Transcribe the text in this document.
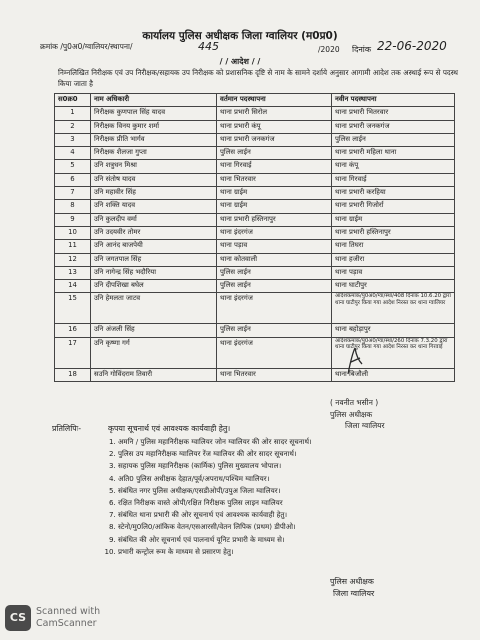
कार्यालय पुलिस अधीक्षक जिला ग्वालियर (म0प्र0)
क्रमांक /पु0अ0/ग्वालियर/स्थापना/	445	/2020 दिनांक 22-06-2020
/ / आदेश / /
निम्नलिखित निरीक्षक एवं उप निरीक्षक/सहायक उप निरीक्षक को प्रशासनिक दृष्टि से नाम के सामने दर्शाये अनुसार आगामी आदेश तक अस्थाई रूप से पदस्थ किया जाता है
स0क्र0	नाम अधिकारी	वर्तमान पदस्थापना	नवीन पदस्थापना
1	निरीक्षक कुणपाल सिंह यादव	थाना प्रभारी सिरोल	थाना प्रभारी भितरवार
2	निरीक्षक विनय कुमार शर्मा	थाना प्रभारी कंपू	थाना प्रभारी जनकगंज
3	निरीक्षक प्रीति भार्गव	थाना प्रभारी जनकगंज	पुलिस लाईन
4	निरीक्षक शैलजा गुप्ता	पुलिस लाईन	थाना प्रभारी महिला थाना
5	उनि शत्रुधन मिश्रा	थाना गिरवाई	थाना कंपू
6	उनि संतोष यादव	थाना भितरवार	थाना गिरवाई
7	उनि महावीर सिंह	थाना ग्राईम	थाना प्रभारी करहिया
8	उनि शक्ति यादव	थाना ग्राईम	थाना प्रभारी गिजोर्रा
9	उनि कुलदीप वर्मा	थाना प्रभारी हस्तिनापुर	थाना ग्राईम
10	उनि उदयवीर तोमर	थाना इंदरगंज	थाना प्रभारी हस्तिनापुर
11	उनि आनंद बाजपेयी	थाना पड़ाव	थाना तिघरा
12	उनि जगतपाल सिंह	थाना कोतवाली	थाना हजीरा
13	उनि नागेन्द्र सिंह भदौरिया	पुलिस लाईन	थाना पड़ाव
14	उनि दीपशिखा बघेल	पुलिस लाईन	थाना घाटीपुर
15	उनि हेमलता जाटव	थाना इंदरगंज	आदेशकमांक/पु0अ0/ग्वा/स्था/408 दिनांक 10.6.20 द्वारा थाना घाटीपुर किया गया आदेश निरस्त कर थाना ग्वालियर
16	उनि अंजली सिंह	पुलिस लाईन	थाना बहोड़ापुर
17	उनि कृष्णा गर्ग	थाना इंदरगंज	आदेशकमांक/पु0अ0/ग्वा/स्था/260 दिनांक 7.3.20 द्वारा थाना घाटीपुर किया गया आदेश निरस्त कर थाना गिरवाई
18	सउनि गोविंदराम तिवारी	थाना भितरवार	थाना बिजौली
( नवनीत भसीन )
पुलिस अधीक्षक
जिला ग्वालियर
प्रतिलिपिः-	कृपया सूचनार्थ एवं आवश्यक कार्यवाही हेतु।
1. अमनि / पुलिस महानिरीक्षक ग्वालियर जोन ग्वालियर की ओर सादर सूचनार्थ।
2. पुलिस उप महानिरीक्षक ग्वालियर रेंज ग्वालियर की ओर सादर सूचनार्थ।
3. सहायक पुलिस महानिरीक्षक (कार्मिक) पुलिस मुख्यालय भोपाल।
4. अति0 पुलिस अधीक्षक देहात/पूर्व/अपराध/पश्चिम ग्वालियर।
5. संबंधित नगर पुलिस अधीक्षक/एसडीओपी/उपुअ जिला ग्वालियर।
6. रक्षित निरीक्षक वास्ते ओपी/रक्षित निरीक्षक पुलिस लाइन ग्वालियर
7. संबंधित थाना प्रभारी की ओर सूचनार्थ एवं आवश्यक कार्यवाही हेतु।
8. स्टेनो/मु0लि0/आंकिक वेतन/एसआरसी/वेतन लिपिक (प्रथम) डीपीओ।
9. संबंधित की ओर सूचनार्थ एवं पालनार्थ यूनिट प्रभारी के माध्यम से।
10. प्रभारी कन्ट्रोल रूम के माध्यम से प्रसारण हेतु।
पुलिस अधीक्षक
जिला ग्वालियर
CS	Scanned with
CamScanner
